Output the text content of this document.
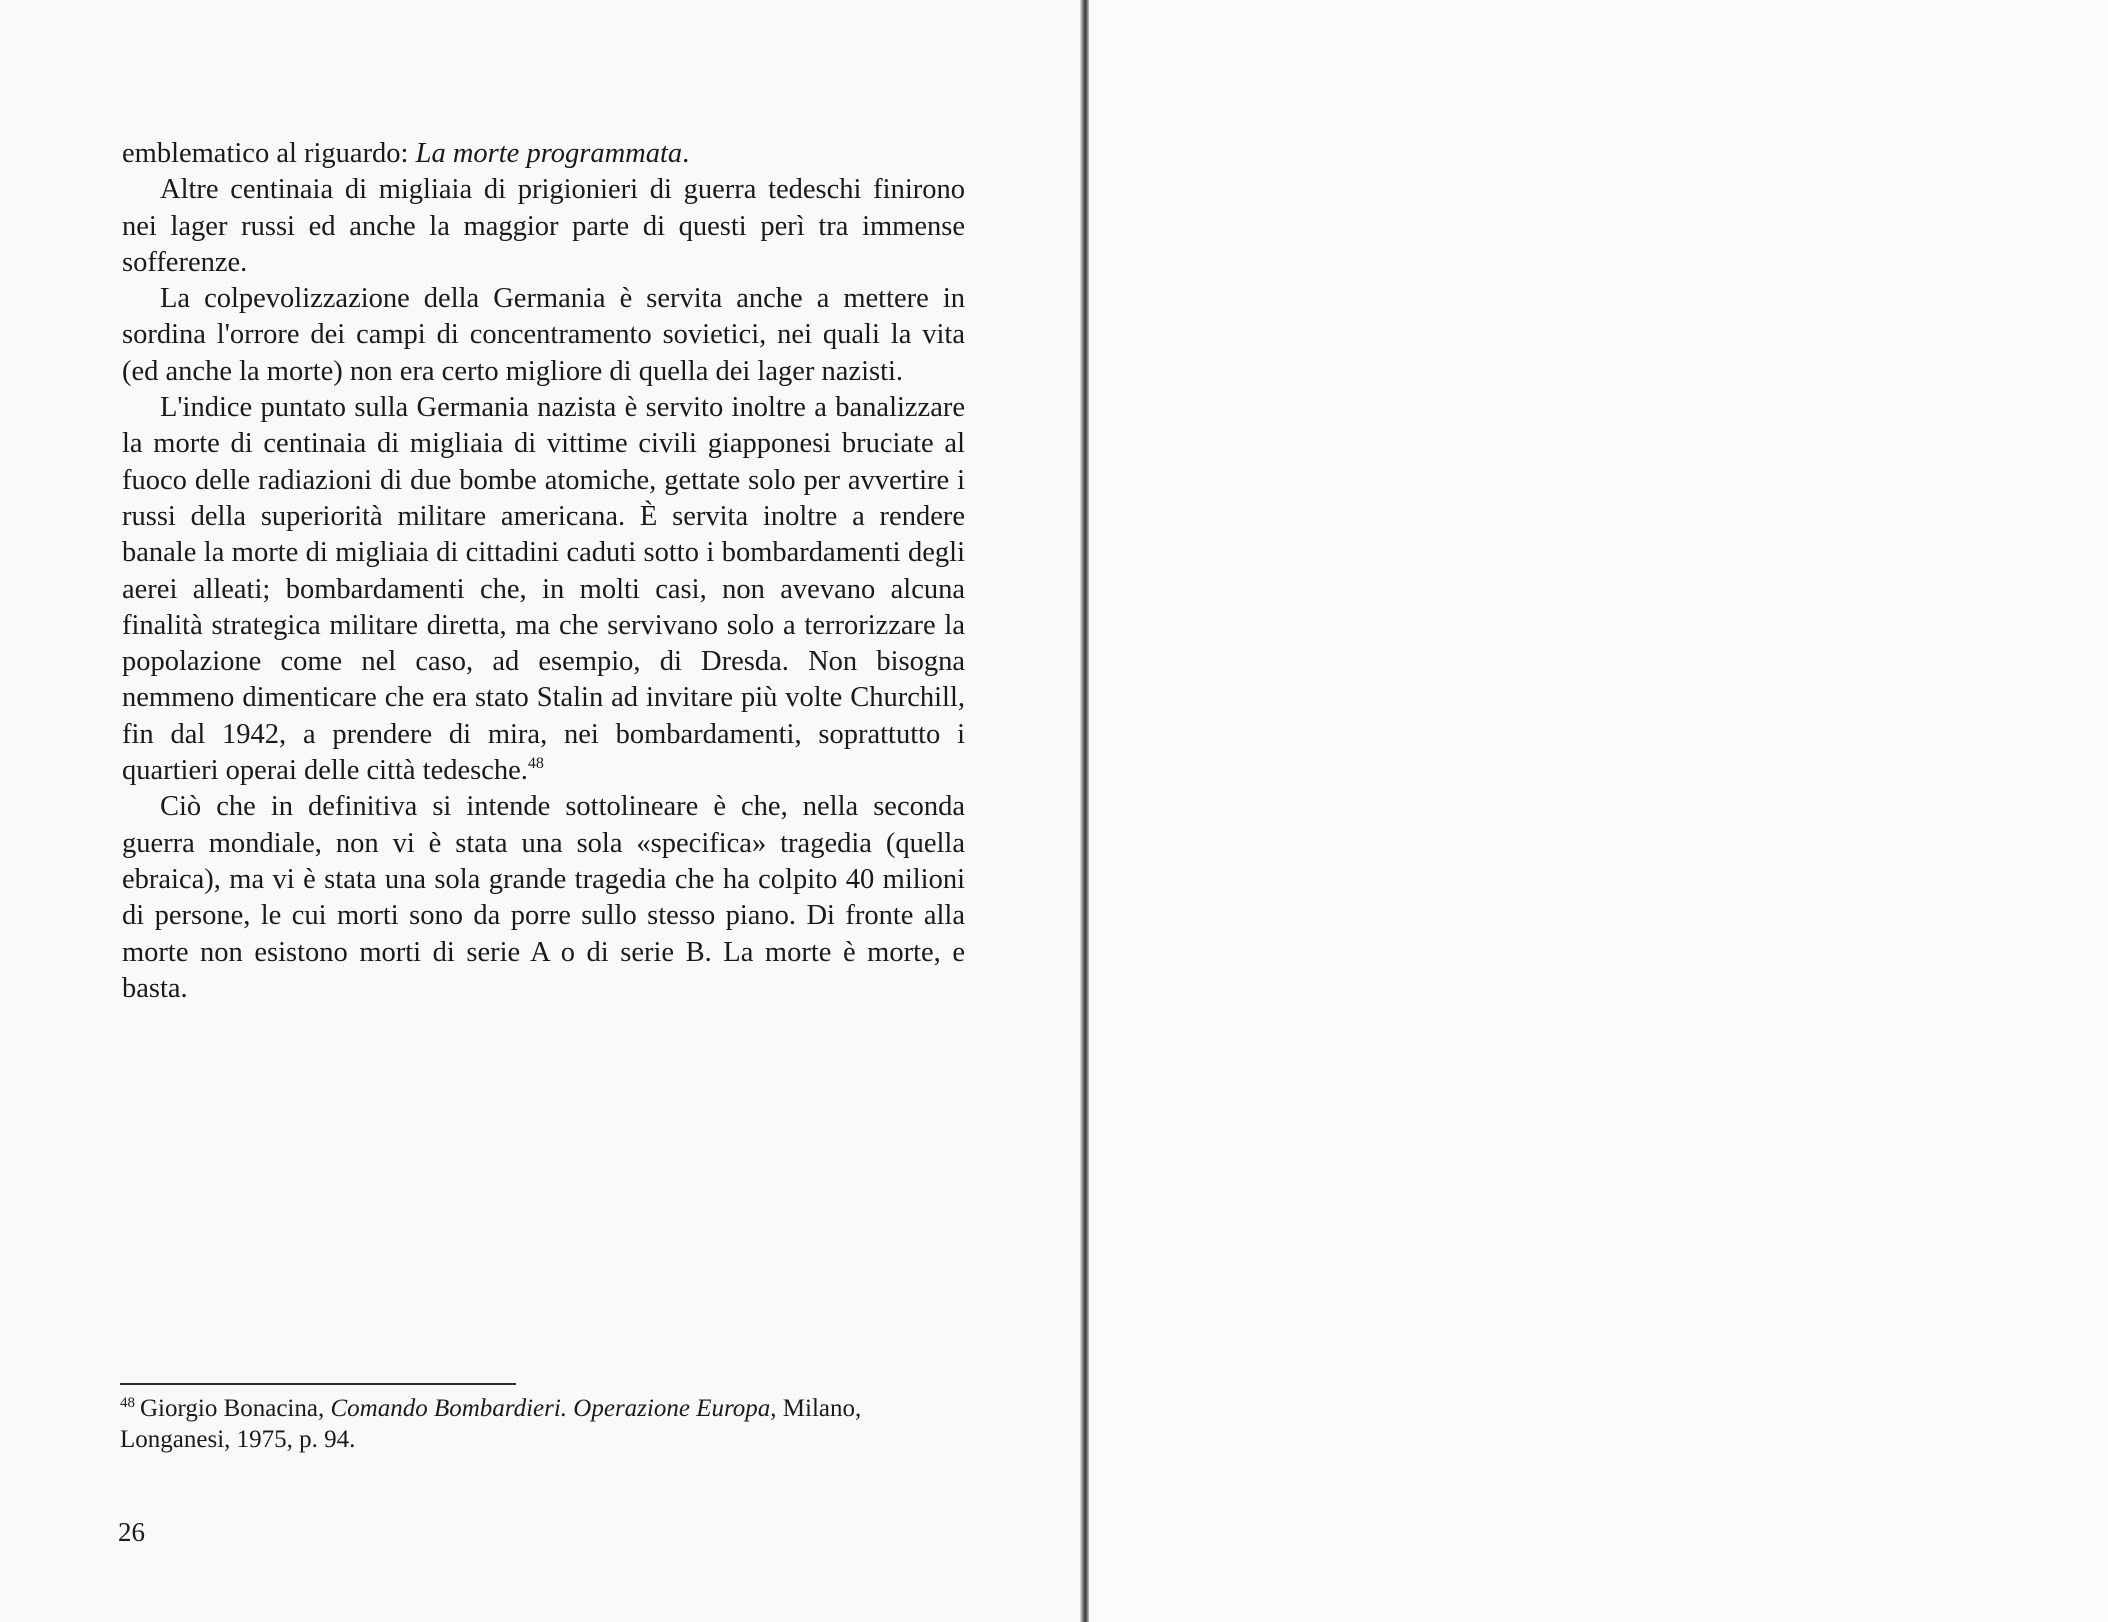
emblematico al riguardo: La morte programmata.

Altre centinaia di migliaia di prigionieri di guerra tedeschi finirono nei lager russi ed anche la maggior parte di questi perì tra immense sofferenze.

La colpevolizzazione della Germania è servita anche a mettere in sordina l'orrore dei campi di concentramento sovietici, nei quali la vita (ed anche la morte) non era certo migliore di quella dei lager nazisti.

L'indice puntato sulla Germania nazista è servito inoltre a banalizzare la morte di centinaia di migliaia di vittime civili giapponesi bruciate al fuoco delle radiazioni di due bombe atomiche, gettate solo per avvertire i russi della superiorità militare americana. È servita inoltre a rendere banale la morte di migliaia di cittadini caduti sotto i bombardamenti degli aerei alleati; bombardamenti che, in molti casi, non avevano alcuna finalità strategica militare diretta, ma che servivano solo a terrorizzare la popolazione come nel caso, ad esempio, di Dresda. Non bisogna nemmeno dimenticare che era stato Stalin ad invitare più volte Churchill, fin dal 1942, a prendere di mira, nei bombardamenti, soprattutto i quartieri operai delle città tedesche.$^{48}$

Ciò che in definitiva si intende sottolineare è che, nella seconda guerra mondiale, non vi è stata una sola «specifica» tragedia (quella ebraica), ma vi è stata una sola grande tragedia che ha colpito 40 milioni di persone, le cui morti sono da porre sullo stesso piano. Di fronte alla morte non esistono morti di serie A o di serie B. La morte è morte, e basta.

$^{48}$ Giorgio Bonacina, Comando Bombardieri. Operazione Europa, Milano, Longanesi, 1975, p. 94.
26
